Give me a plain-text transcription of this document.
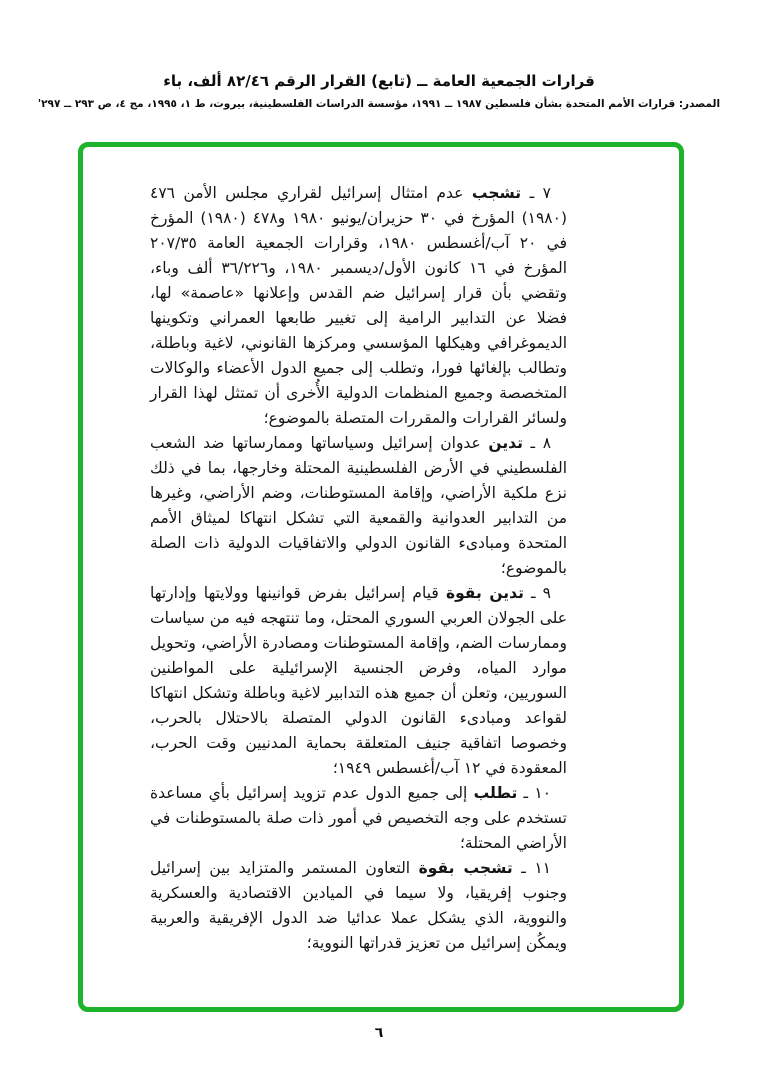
قرارات الجمعية العامة ــ (تابع) القرار الرقم ٨٢/٤٦ ألف، باء
المصدر: قرارات الأمم المتحدة بشأن فلسطين ١٩٨٧ ــ ١٩٩١، مؤسسة الدراسات الفلسطينية، بيروت، ط ١، ١٩٩٥، مج ٤، ص ٢٩٣ ــ ٢٩٧'

٧ ـ تشجب عدم امتثال إسرائيل لقراري مجلس الأمن ٤٧٦ (١٩٨٠) المؤرخ في ٣٠ حزيران/يونيو ١٩٨٠ و٤٧٨ (١٩٨٠) المؤرخ في ٢٠ آب/أغسطس ١٩٨٠، وقرارات الجمعية العامة ٢٠٧/٣٥ المؤرخ في ١٦ كانون الأول/ديسمبر ١٩٨٠، و٣٦/٢٢٦ ألف وباء، وتقضي بأن قرار إسرائيل ضم القدس وإعلانها «عاصمة» لها، فضلا عن التدابير الرامية إلى تغيير طابعها العمراني وتكوينها الديموغرافي وهيكلها المؤسسي ومركزها القانوني، لاغية وباطلة، وتطالب بإلغائها فورا، وتطلب إلى جميع الدول الأعضاء والوكالات المتخصصة وجميع المنظمات الدولية الأُخرى أن تمتثل لهذا القرار ولسائر القرارات والمقررات المتصلة بالموضوع؛

٨ ـ تدين عدوان إسرائيل وسياساتها وممارساتها ضد الشعب الفلسطيني في الأرض الفلسطينية المحتلة وخارجها، بما في ذلك نزع ملكية الأراضي، وإقامة المستوطنات، وضم الأراضي، وغيرها من التدابير العدوانية والقمعية التي تشكل انتهاكا لميثاق الأمم المتحدة ومبادىء القانون الدولي والاتفاقيات الدولية ذات الصلة بالموضوع؛

٩ ـ تدين بقوة قيام إسرائيل بفرض قوانينها وولايتها وإدارتها على الجولان العربي السوري المحتل، وما تنتهجه فيه من سياسات وممارسات الضم، وإقامة المستوطنات ومصادرة الأراضي، وتحويل موارد المياه، وفرض الجنسية الإسرائيلية على المواطنين السوريين، وتعلن أن جميع هذه التدابير لاغية وباطلة وتشكل انتهاكا لقواعد ومبادىء القانون الدولي المتصلة بالاحتلال بالحرب، وخصوصا اتفاقية جنيف المتعلقة بحماية المدنيين وقت الحرب، المعقودة في ١٢ آب/أغسطس ١٩٤٩؛

١٠ ـ تطلب إلى جميع الدول عدم تزويد إسرائيل بأي مساعدة تستخدم على وجه التخصيص في أمور ذات صلة بالمستوطنات في الأراضي المحتلة؛

١١ ـ تشجب بقوة التعاون المستمر والمتزايد بين إسرائيل وجنوب إفريقيا، ولا سيما في الميادين الاقتصادية والعسكرية والنووية، الذي يشكل عملا عدائيا ضد الدول الإفريقية والعربية ويمكُن إسرائيل من تعزيز قدراتها النووية؛

٦
